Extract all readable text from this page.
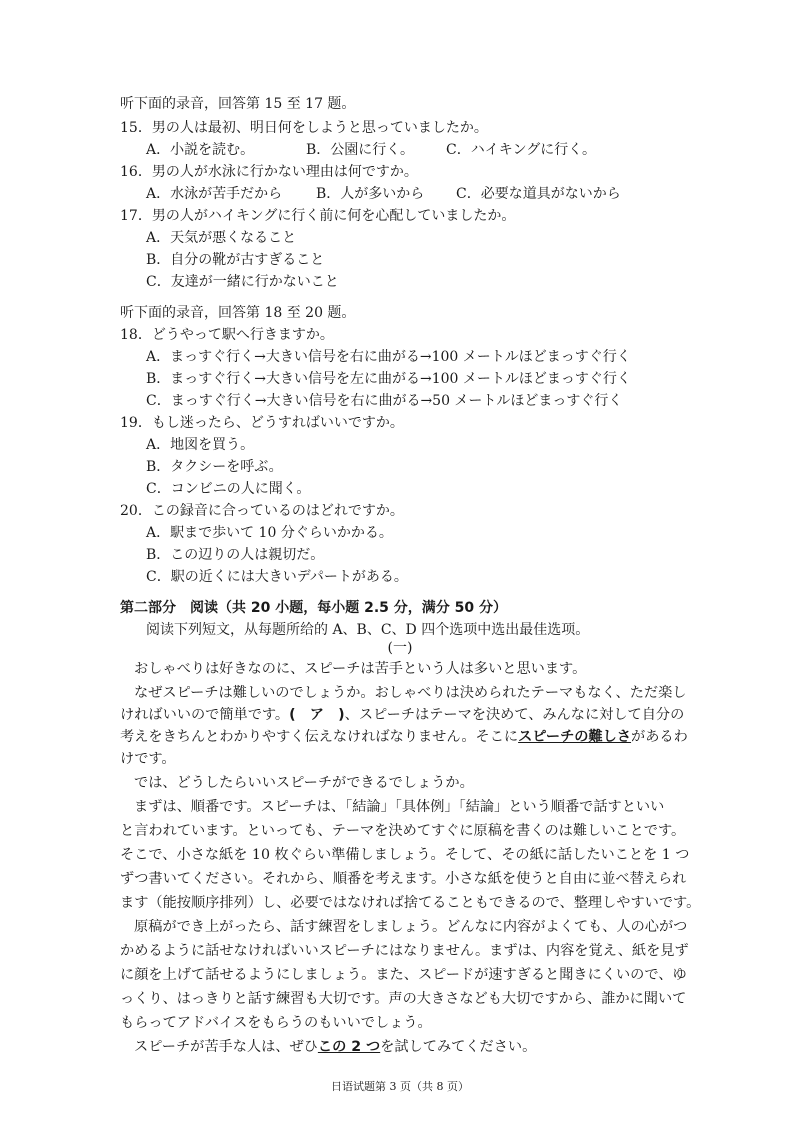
听下面的录音，回答第 15 至 17 题。
15．男の人は最初、明日何をしようと思っていましたか。
A．小説を読む。	B．公園に行く。 C．ハイキングに行く。
16．男の人が水泳に行かない理由は何ですか。
A．水泳が苦手だから B．人が多いから C．必要な道具がないから
17．男の人がハイキングに行く前に何を心配していましたか。
A．天気が悪くなること
B．自分の靴が古すぎること
C．友達が一緒に行かないこと
听下面的录音，回答第 18 至 20 题。
18．どうやって駅へ行きますか。
A．まっすぐ行く→大きい信号を右に曲がる→100 メートルほどまっすぐ行く
B．まっすぐ行く→大きい信号を左に曲がる→100 メートルほどまっすぐ行く
C．まっすぐ行く→大きい信号を右に曲がる→50 メートルほどまっすぐ行く
19．もし迷ったら、どうすればいいですか。
A．地図を買う。
B．タクシーを呼ぶ。
C．コンビニの人に聞く。
20．この録音に合っているのはどれですか。
A．駅まで歩いて 10 分ぐらいかかる。
B．この辺りの人は親切だ。
C．駅の近くには大きいデパートがある。
第二部分　阅读（共 20 小题，每小题 2.5 分，满分 50 分）
阅读下列短文，从每题所给的 A、B、C、D 四个选项中选出最佳选项。
(一)
おしゃべりは好きなのに、スピーチは苦手という人は多いと思います。
なぜスピーチは難しいのでしょうか。おしゃべりは決められたテーマもなく、ただ楽し
ければいいので簡単です。(　ア　)、スピーチはテーマを決めて、みんなに対して自分の
考えをきちんとわかりやすく伝えなければなりません。そこにスピーチの難しさがあるわ
けです。
では、どうしたらいいスピーチができるでしょうか。
まずは、順番です。スピーチは、「結論」「具体例」「結論」という順番で話すといい
と言われています。といっても、テーマを決めてすぐに原稿を書くのは難しいことです。
そこで、小さな紙を 10 枚ぐらい準備しましょう。そして、その紙に話したいことを 1 つ
ずつ書いてください。それから、順番を考えます。小さな紙を使うと自由に並べ替えられ
ます（能按顺序排列）し、必要ではなければ捨てることもできるので、整理しやすいです。
原稿ができ上がったら、話す練習をしましょう。どんなに内容がよくても、人の心がつ
かめるように話せなければいいスピーチにはなりません。まずは、内容を覚え、紙を見ず
に顔を上げて話せるようにしましょう。また、スピードが速すぎると聞きにくいので、ゆ
っくり、はっきりと話す練習も大切です。声の大きさなども大切ですから、誰かに聞いて
もらってアドバイスをもらうのもいいでしょう。
スピーチが苦手な人は、ぜひこの 2 つを試してみてください。
日语试题第 3 页（共 8 页）
